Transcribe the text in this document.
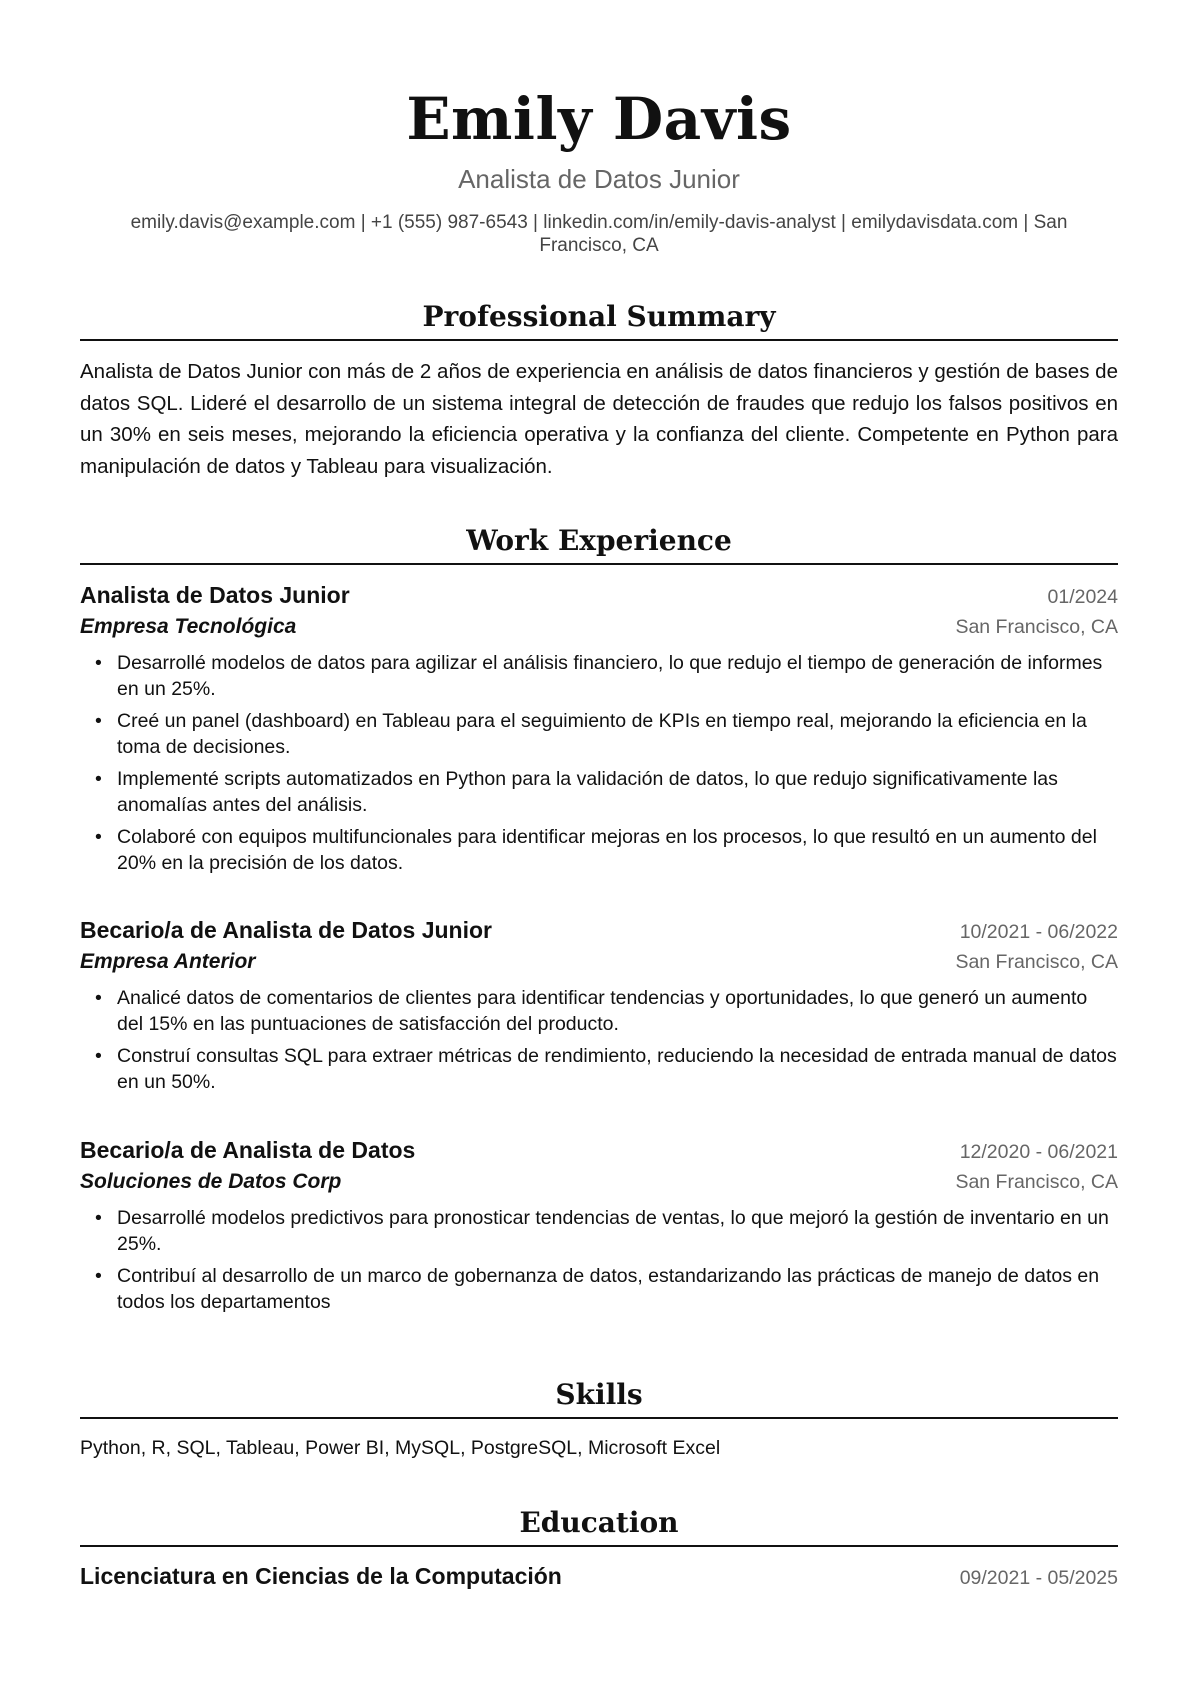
Emily Davis
Analista de Datos Junior
emily.davis@example.com | +1 (555) 987-6543 | linkedin.com/in/emily-davis-analyst | emilydavisdata.com | San Francisco, CA
Professional Summary
Analista de Datos Junior con más de 2 años de experiencia en análisis de datos financieros y gestión de bases de datos SQL. Lideré el desarrollo de un sistema integral de detección de fraudes que redujo los falsos positivos en un 30% en seis meses, mejorando la eficiencia operativa y la confianza del cliente. Competente en Python para manipulación de datos y Tableau para visualización.
Work Experience
Analista de Datos Junior	01/2024
Empresa Tecnológica	San Francisco, CA
• Desarrollé modelos de datos para agilizar el análisis financiero, lo que redujo el tiempo de generación de informes en un 25%.
• Creé un panel (dashboard) en Tableau para el seguimiento de KPIs en tiempo real, mejorando la eficiencia en la toma de decisiones.
• Implementé scripts automatizados en Python para la validación de datos, lo que redujo significativamente las anomalías antes del análisis.
• Colaboré con equipos multifuncionales para identificar mejoras en los procesos, lo que resultó en un aumento del 20% en la precisión de los datos.
Becario/a de Analista de Datos Junior	10/2021 - 06/2022
Empresa Anterior	San Francisco, CA
• Analicé datos de comentarios de clientes para identificar tendencias y oportunidades, lo que generó un aumento del 15% en las puntuaciones de satisfacción del producto.
• Construí consultas SQL para extraer métricas de rendimiento, reduciendo la necesidad de entrada manual de datos en un 50%.
Becario/a de Analista de Datos	12/2020 - 06/2021
Soluciones de Datos Corp	San Francisco, CA
• Desarrollé modelos predictivos para pronosticar tendencias de ventas, lo que mejoró la gestión de inventario en un 25%.
• Contribuí al desarrollo de un marco de gobernanza de datos, estandarizando las prácticas de manejo de datos en todos los departamentos
Skills
Python, R, SQL, Tableau, Power BI, MySQL, PostgreSQL, Microsoft Excel
Education
Licenciatura en Ciencias de la Computación	09/2021 - 05/2025
